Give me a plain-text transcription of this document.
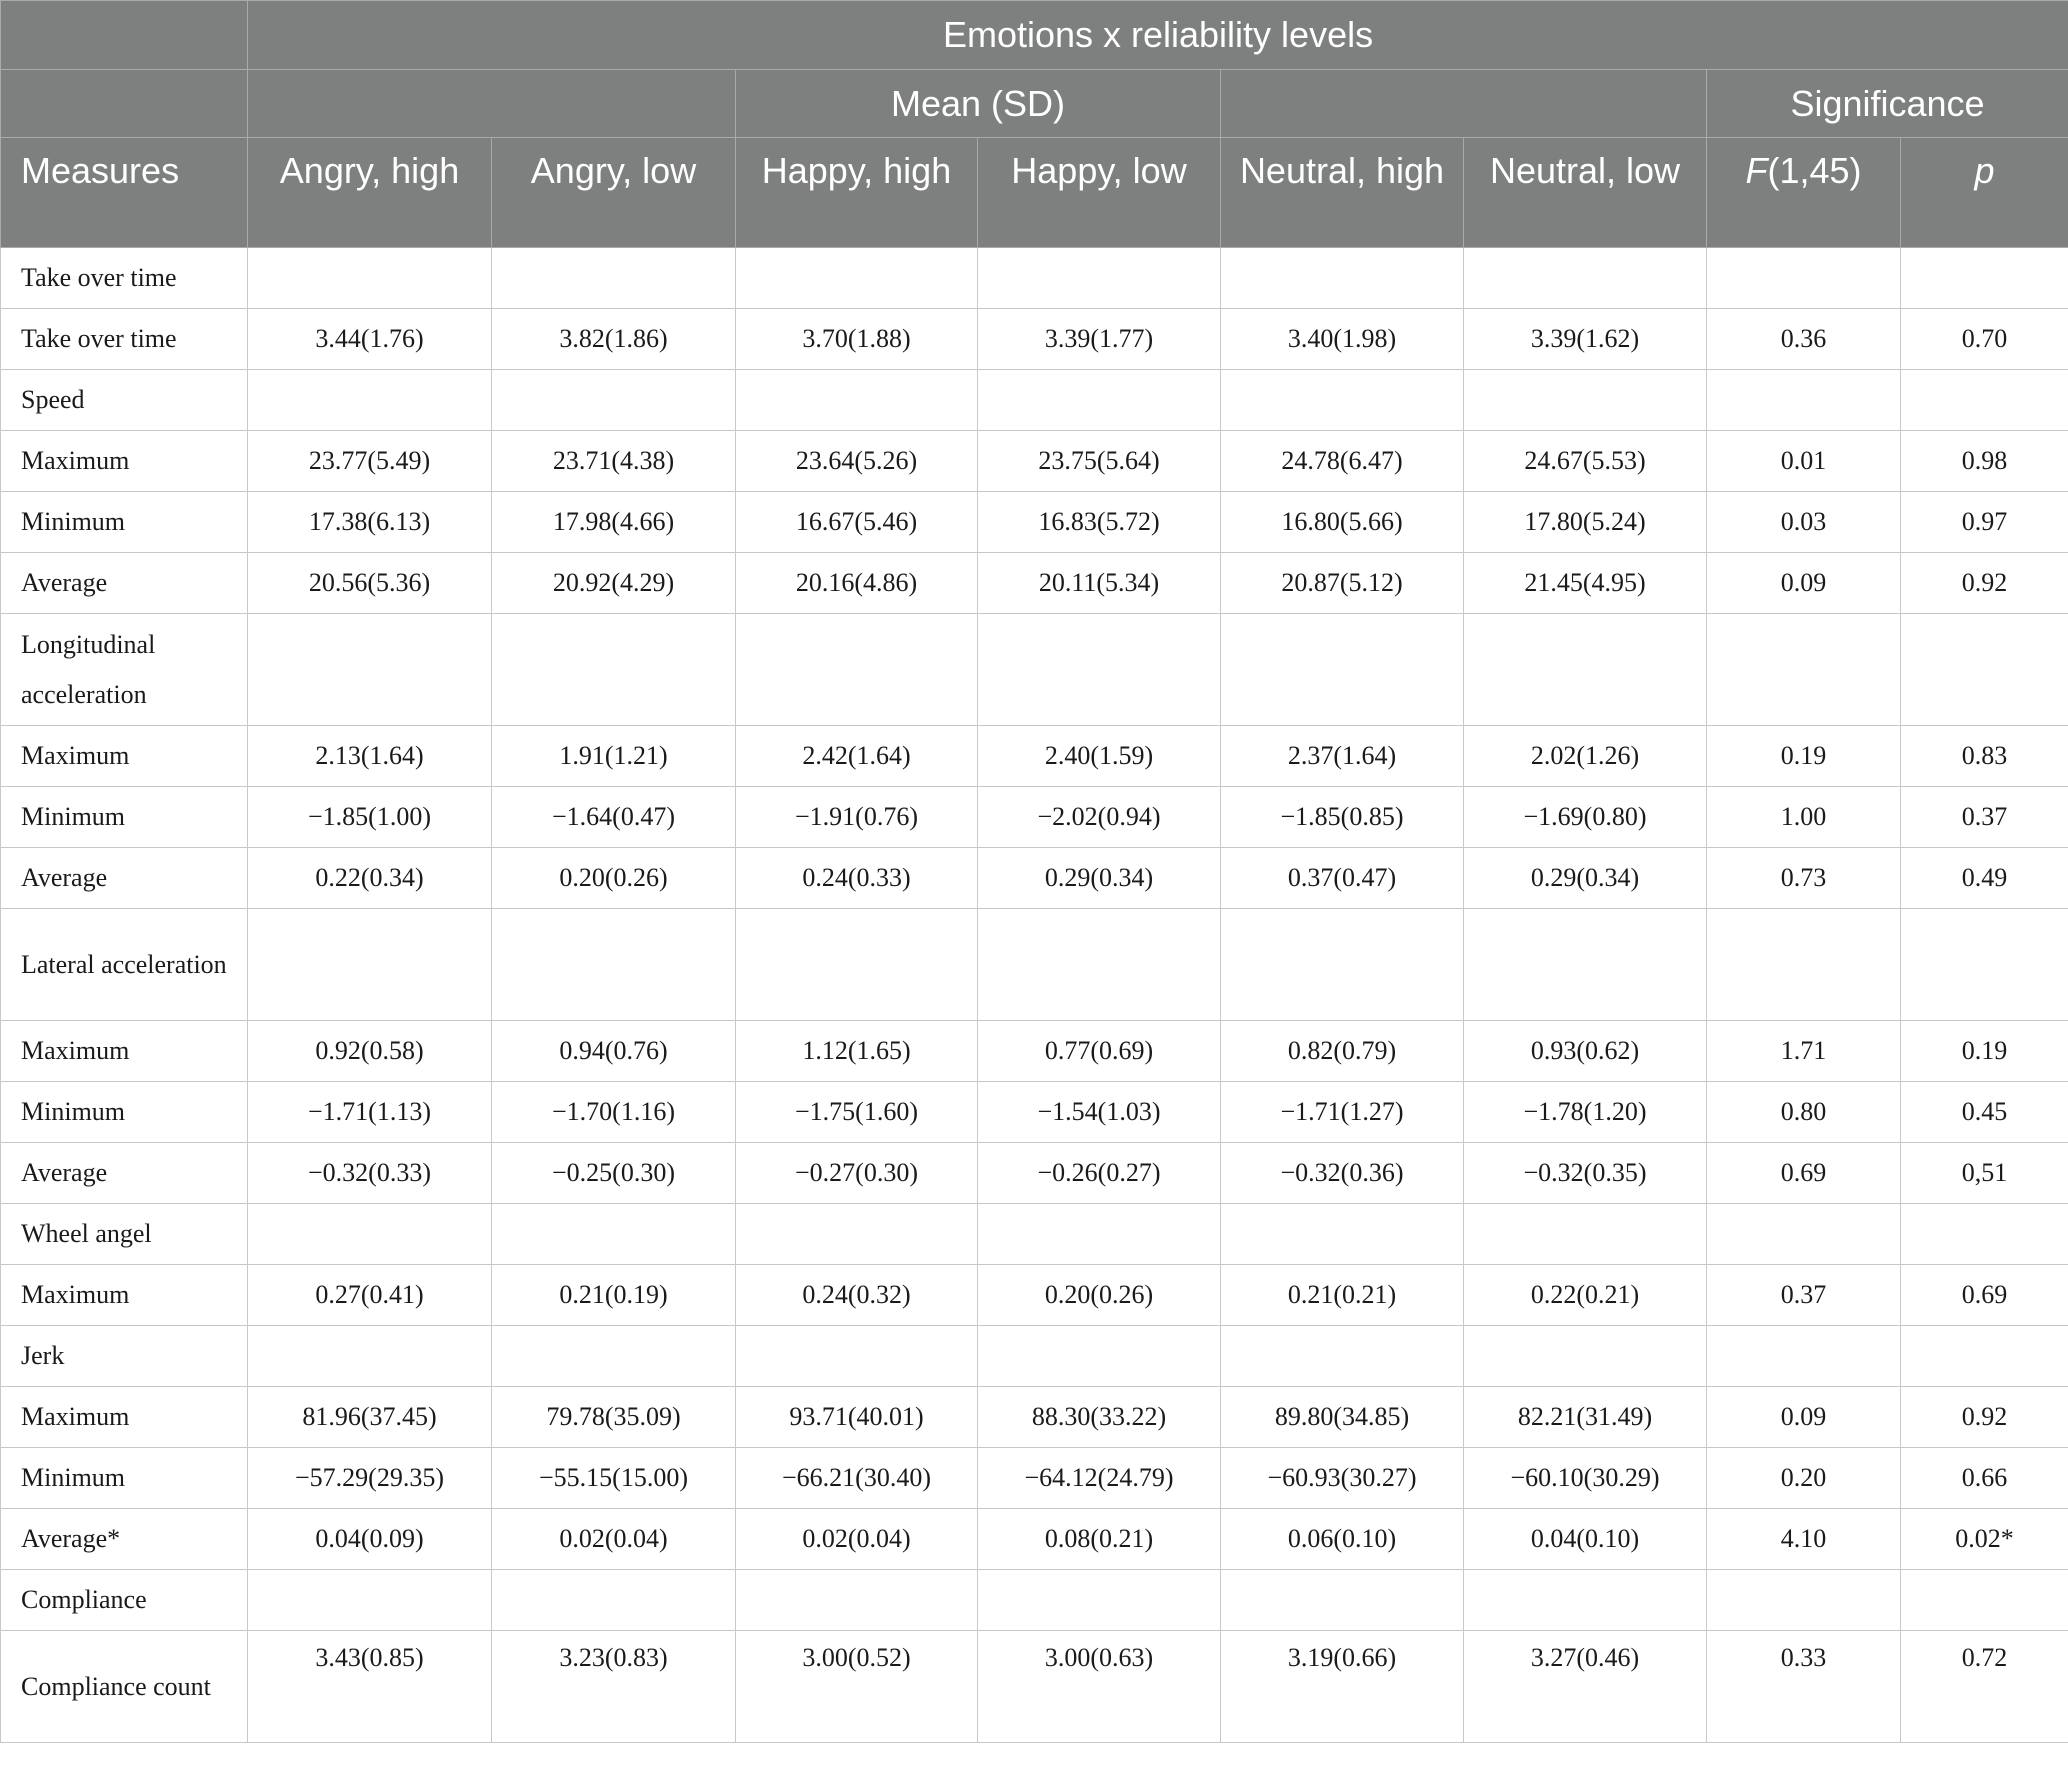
	Emotions x reliability levels							
			Mean (SD)				Significance	
Measures	Angry, high	Angry, low	Happy, high	Happy, low	Neutral, high	Neutral, low	F(1,45)	p
Take over time								
Take over time	3.44(1.76)	3.82(1.86)	3.70(1.88)	3.39(1.77)	3.40(1.98)	3.39(1.62)	0.36	0.70
Speed								
Maximum	23.77(5.49)	23.71(4.38)	23.64(5.26)	23.75(5.64)	24.78(6.47)	24.67(5.53)	0.01	0.98
Minimum	17.38(6.13)	17.98(4.66)	16.67(5.46)	16.83(5.72)	16.80(5.66)	17.80(5.24)	0.03	0.97
Average	20.56(5.36)	20.92(4.29)	20.16(4.86)	20.11(5.34)	20.87(5.12)	21.45(4.95)	0.09	0.92
Longitudinal acceleration								
Maximum	2.13(1.64)	1.91(1.21)	2.42(1.64)	2.40(1.59)	2.37(1.64)	2.02(1.26)	0.19	0.83
Minimum	−1.85(1.00)	−1.64(0.47)	−1.91(0.76)	−2.02(0.94)	−1.85(0.85)	−1.69(0.80)	1.00	0.37
Average	0.22(0.34)	0.20(0.26)	0.24(0.33)	0.29(0.34)	0.37(0.47)	0.29(0.34)	0.73	0.49
Lateral acceleration								
Maximum	0.92(0.58)	0.94(0.76)	1.12(1.65)	0.77(0.69)	0.82(0.79)	0.93(0.62)	1.71	0.19
Minimum	−1.71(1.13)	−1.70(1.16)	−1.75(1.60)	−1.54(1.03)	−1.71(1.27)	−1.78(1.20)	0.80	0.45
Average	−0.32(0.33)	−0.25(0.30)	−0.27(0.30)	−0.26(0.27)	−0.32(0.36)	−0.32(0.35)	0.69	0,51
Wheel angel								
Maximum	0.27(0.41)	0.21(0.19)	0.24(0.32)	0.20(0.26)	0.21(0.21)	0.22(0.21)	0.37	0.69
Jerk								
Maximum	81.96(37.45)	79.78(35.09)	93.71(40.01)	88.30(33.22)	89.80(34.85)	82.21(31.49)	0.09	0.92
Minimum	−57.29(29.35)	−55.15(15.00)	−66.21(30.40)	−64.12(24.79)	−60.93(30.27)	−60.10(30.29)	0.20	0.66
Average*	0.04(0.09)	0.02(0.04)	0.02(0.04)	0.08(0.21)	0.06(0.10)	0.04(0.10)	4.10	0.02*
Compliance								
Compliance count	3.43(0.85)	3.23(0.83)	3.00(0.52)	3.00(0.63)	3.19(0.66)	3.27(0.46)	0.33	0.72
